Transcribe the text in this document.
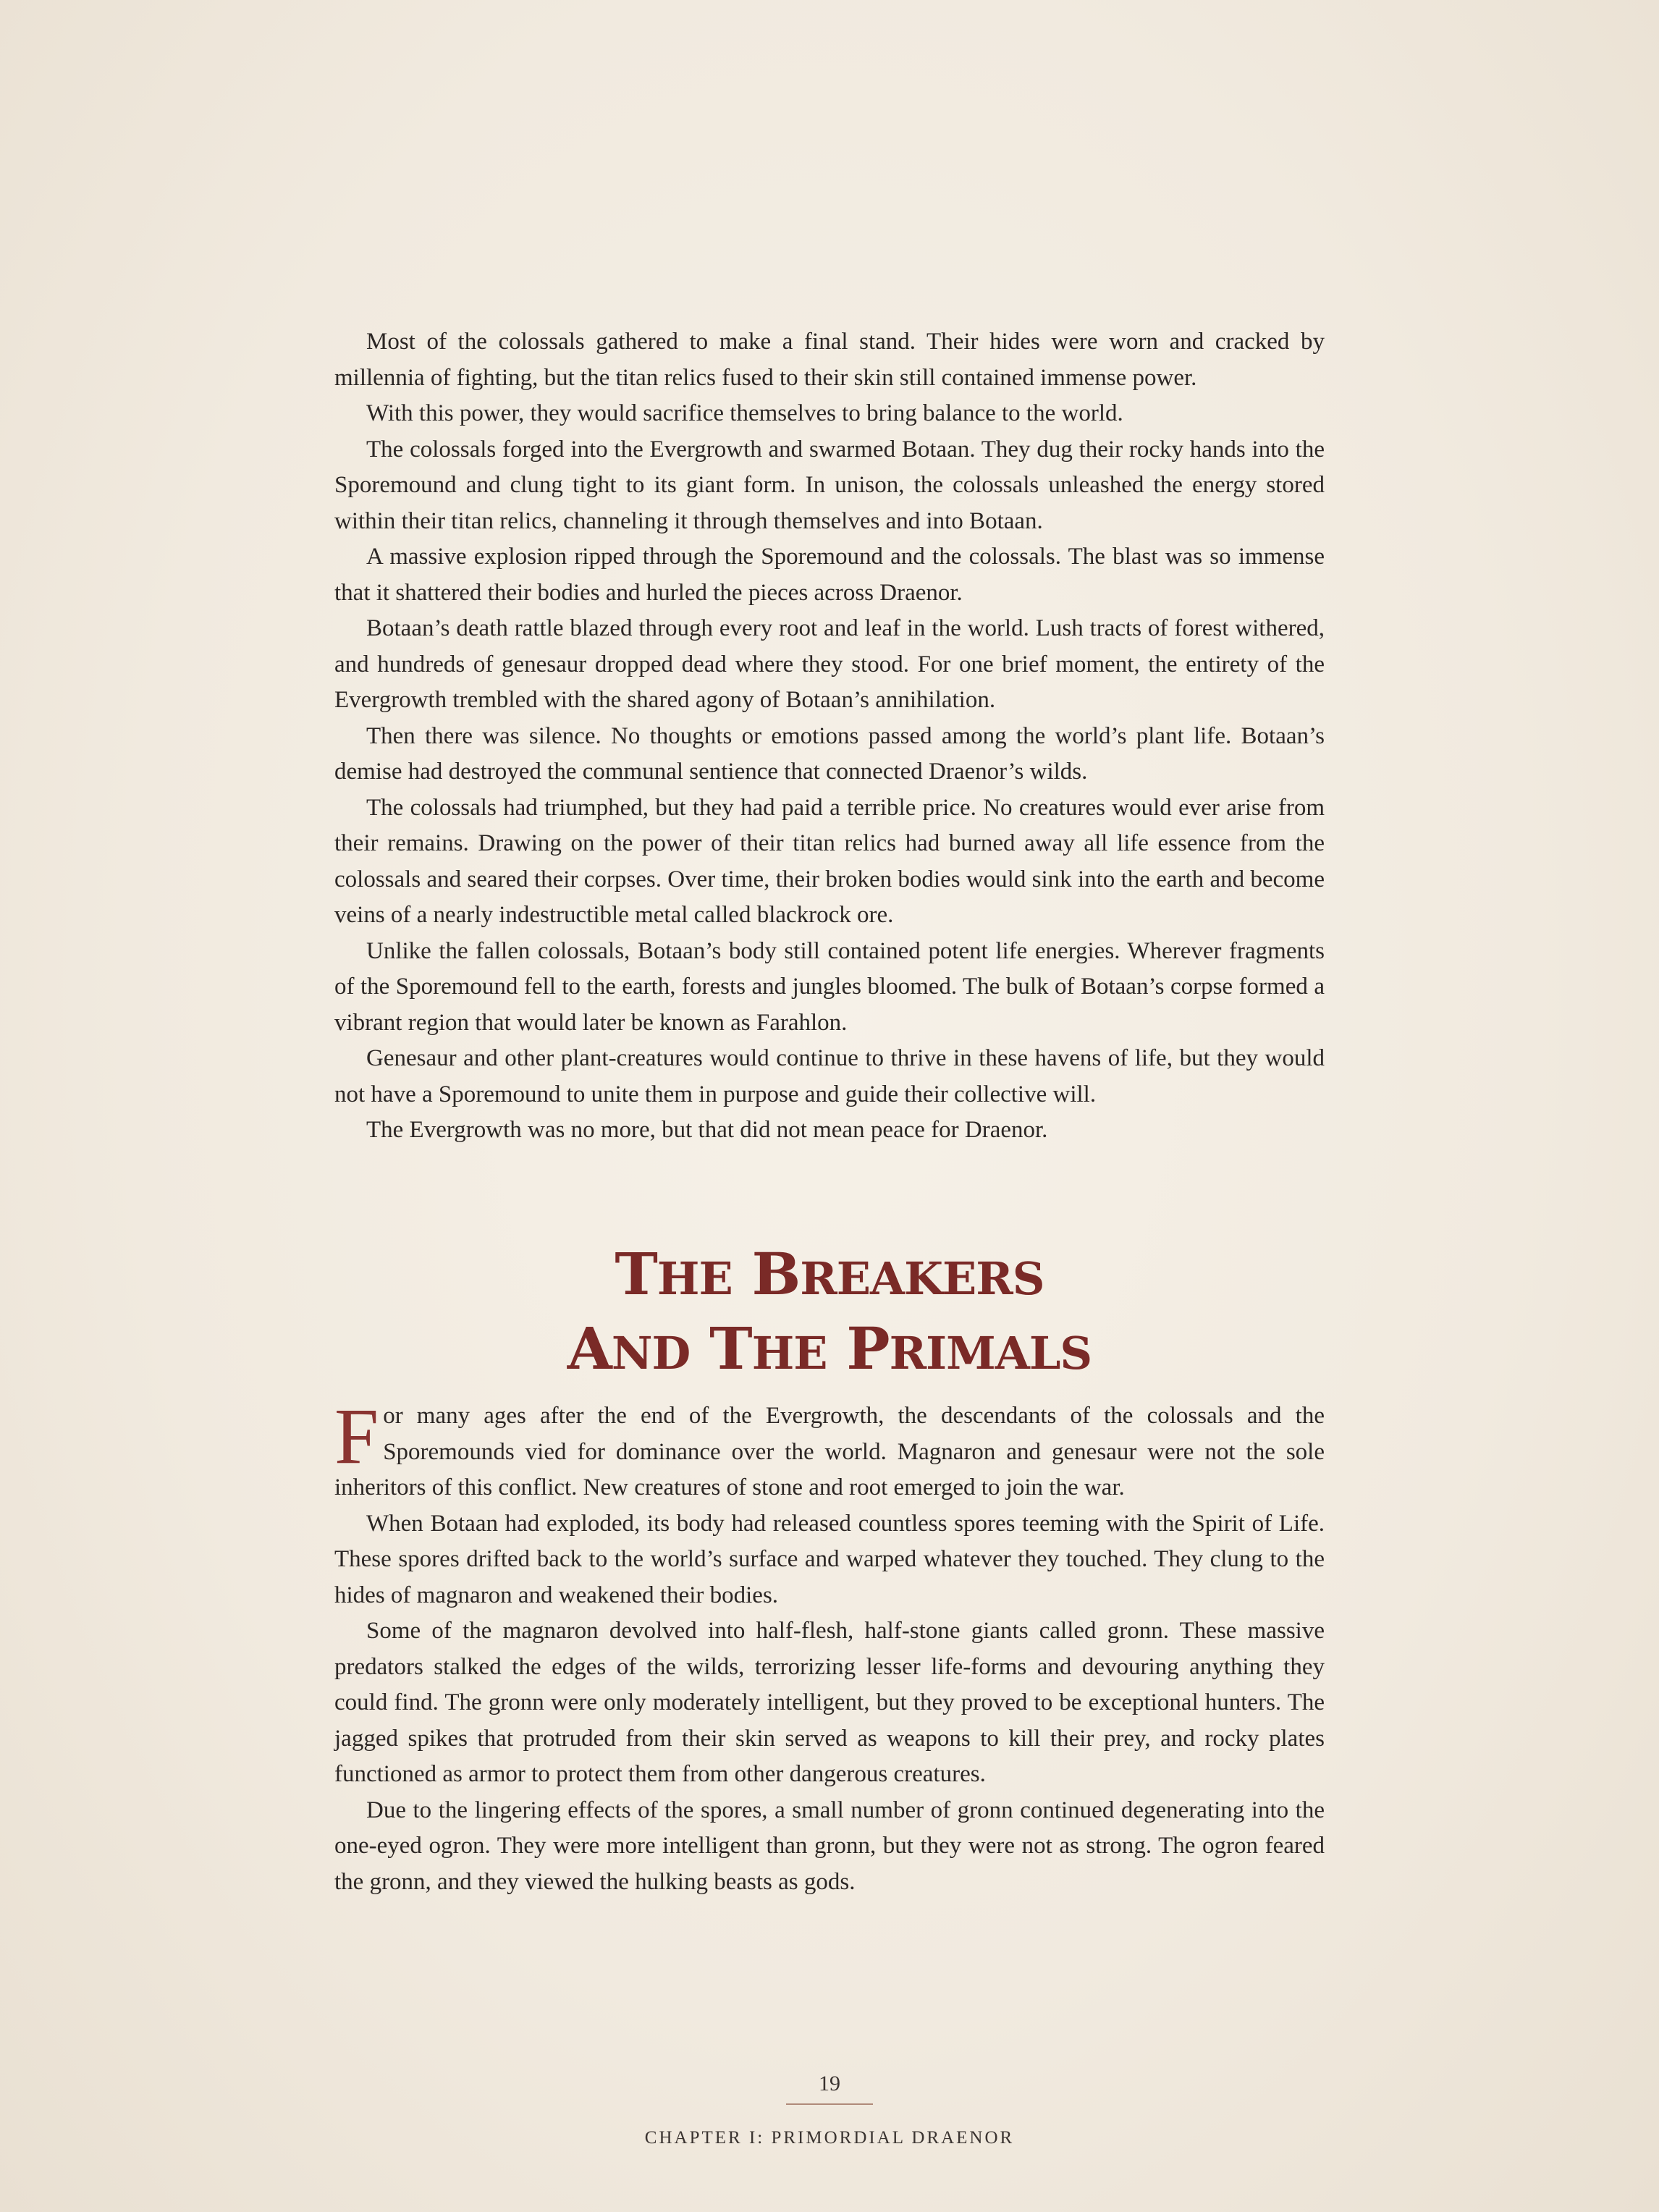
Most of the colossals gathered to make a final stand. Their hides were worn and cracked by millennia of fighting, but the titan relics fused to their skin still contained immense power.

With this power, they would sacrifice themselves to bring balance to the world.

The colossals forged into the Evergrowth and swarmed Botaan. They dug their rocky hands into the Sporemound and clung tight to its giant form. In unison, the colossals unleashed the energy stored within their titan relics, channeling it through themselves and into Botaan.

A massive explosion ripped through the Sporemound and the colossals. The blast was so immense that it shattered their bodies and hurled the pieces across Draenor.

Botaan’s death rattle blazed through every root and leaf in the world. Lush tracts of forest withered, and hundreds of genesaur dropped dead where they stood. For one brief moment, the entirety of the Evergrowth trembled with the shared agony of Botaan’s annihilation.

Then there was silence. No thoughts or emotions passed among the world’s plant life. Botaan’s demise had destroyed the communal sentience that connected Draenor’s wilds.

The colossals had triumphed, but they had paid a terrible price. No creatures would ever arise from their remains. Drawing on the power of their titan relics had burned away all life essence from the colossals and seared their corpses. Over time, their broken bodies would sink into the earth and become veins of a nearly indestructible metal called blackrock ore.

Unlike the fallen colossals, Botaan’s body still contained potent life energies. Wherever fragments of the Sporemound fell to the earth, forests and jungles bloomed. The bulk of Botaan’s corpse formed a vibrant region that would later be known as Farahlon.

Genesaur and other plant-creatures would continue to thrive in these havens of life, but they would not have a Sporemound to unite them in purpose and guide their collective will.

The Evergrowth was no more, but that did not mean peace for Draenor.

THE BREAKERS
AND THE PRIMALS

For many ages after the end of the Evergrowth, the descendants of the colossals and the Sporemounds vied for dominance over the world. Magnaron and genesaur were not the sole inheritors of this conflict. New creatures of stone and root emerged to join the war.

When Botaan had exploded, its body had released countless spores teeming with the Spirit of Life. These spores drifted back to the world’s surface and warped whatever they touched. They clung to the hides of magnaron and weakened their bodies.

Some of the magnaron devolved into half-flesh, half-stone giants called gronn. These massive predators stalked the edges of the wilds, terrorizing lesser life-forms and devouring anything they could find. The gronn were only moderately intelligent, but they proved to be exceptional hunters. The jagged spikes that protruded from their skin served as weapons to kill their prey, and rocky plates functioned as armor to protect them from other dangerous creatures.

Due to the lingering effects of the spores, a small number of gronn continued degenerating into the one-eyed ogron. They were more intelligent than gronn, but they were not as strong. The ogron feared the gronn, and they viewed the hulking beasts as gods.

19
CHAPTER I: PRIMORDIAL DRAENOR
